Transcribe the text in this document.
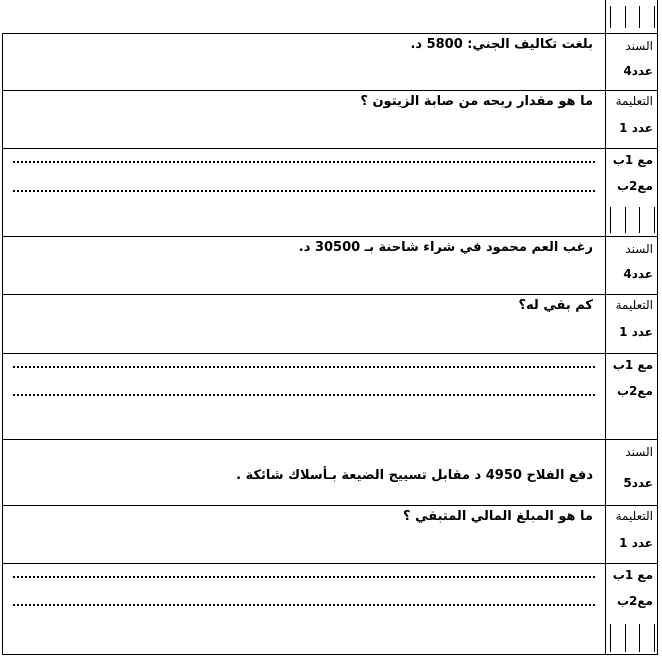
بلغت تكاليف الجني: 5800 د.	السند
عدد4
ما هو مقدار ربحه من صابة الزيتون ؟ التعليمة
عدد 1
مع 1ب
مع2ب
رغب العم محمود في شراء شاحنة بـ 30500 د.	السند
عدد4
كم بقي له؟ التعليمة
عدد 1
مع 1ب
مع2ب
دفع الفلاح 4950 د مقابل تسييج الضيعة بـأسلاك شائكة .
السند
عدد5
ما هو المبلغ المالي المتبقي ؟ التعليمة
عدد 1
مع 1ب
مع2ب
